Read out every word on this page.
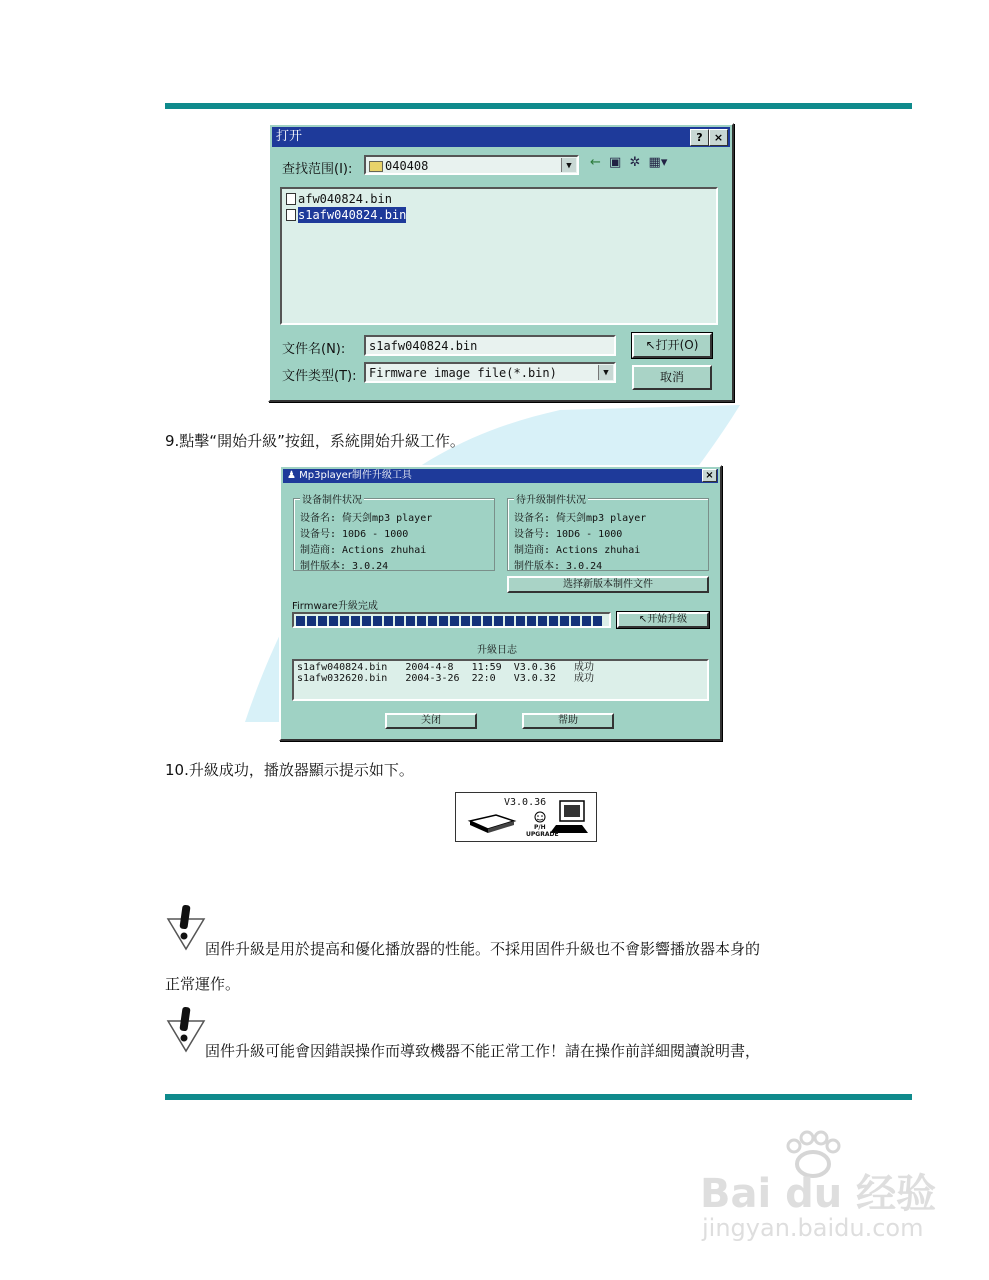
打开	?	×
查找范围(I):	040408	▼	← ▣ ✲ ▦▾
afw040824.bin
s1afw040824.bin
文件名(N):	s1afw040824.bin
文件类型(T):	Firmware image file(*.bin)	▼
↖打开(O)
取消
9.點擊“開始升級”按鈕，系統開始升級工作。
♟ Mp3player制件升级工具	×
设备制件状况
设备名: 倚天剑mp3 player
设备号: 10D6 - 1000
制造商: Actions zhuhai
制件版本: 3.0.24
待升级制件状况
设备名: 倚天剑mp3 player
设备号: 10D6 - 1000
制造商: Actions zhuhai
制件版本: 3.0.24
选择新版本制件文件
Firmware升級完成
↖开始升级
升級日志
s1afw040824.bin   2004-4-8   11:59  V3.0.36   成功
s1afw032620.bin   2004-3-26  22:0   V3.0.32   成功
关闭	帮助
10.升級成功，播放器顯示提示如下。
V3.0.36
P/H
UPGRADE
固件升級是用於提高和優化播放器的性能。不採用固件升級也不會影響播放器本身的
正常運作。
固件升級可能會因錯誤操作而導致機器不能正常工作！請在操作前詳細閱讀說明書，
Bai du 经验
jingyan.baidu.com
